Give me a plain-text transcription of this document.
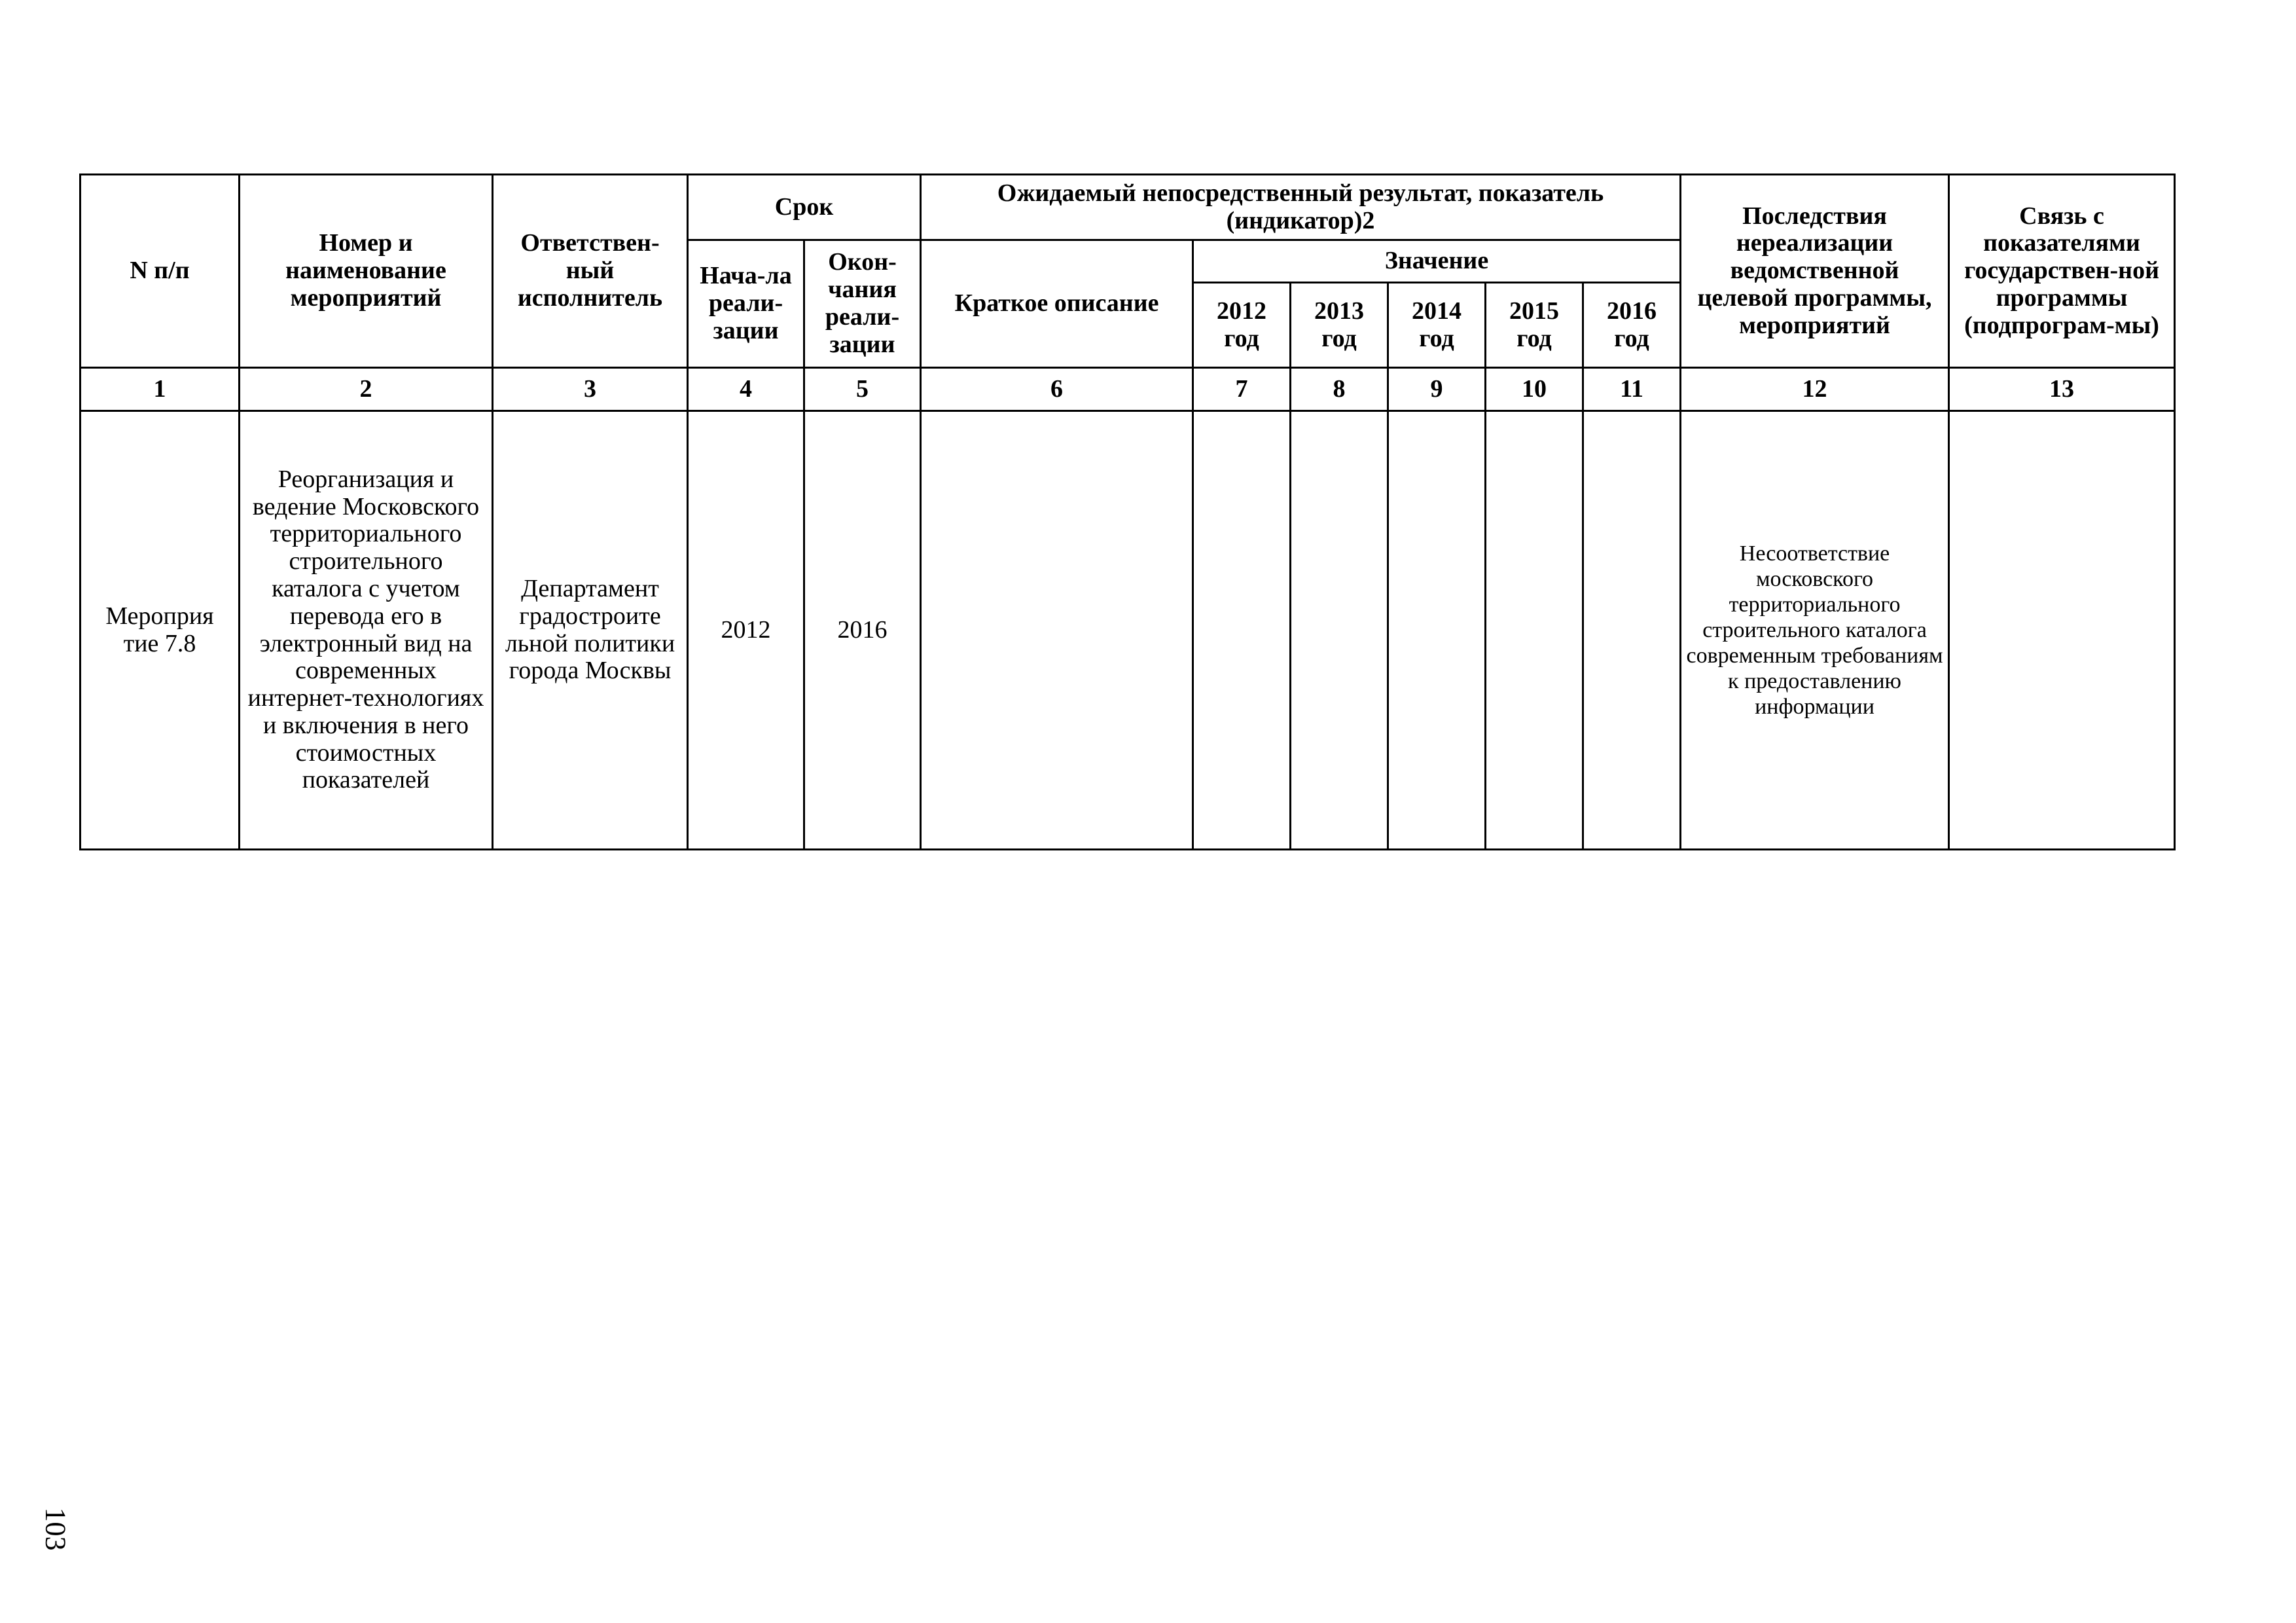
N п/п	Номер и наименование мероприятий	Ответствен-ный исполнитель	Срок		Ожидаемый непосредственный результат, показатель (индикатор)2						Последствия нереализации ведомственной целевой программы, мероприятий	Связь с показателями государствен-ной программы (подпрограм-мы)
			Нача-ла реали-зации	Окон-чания реали-зации	Краткое описание	Значение						
						2012 год	2013 год	2014 год	2015 год	2016 год		
1	2	3	4	5	6	7	8	9	10	11	12	13
Мероприя тие 7.8	Реорганизация и ведение Московского территориального строительного каталога с учетом перевода его в электронный вид на современных интернет-технологиях и включения в него стоимостных показателей	Департамент градостроите льной политики города Москвы	2012	2016							Несоответствие московского территориального строительного каталога современным требованиям к предоставлению информации	
103
